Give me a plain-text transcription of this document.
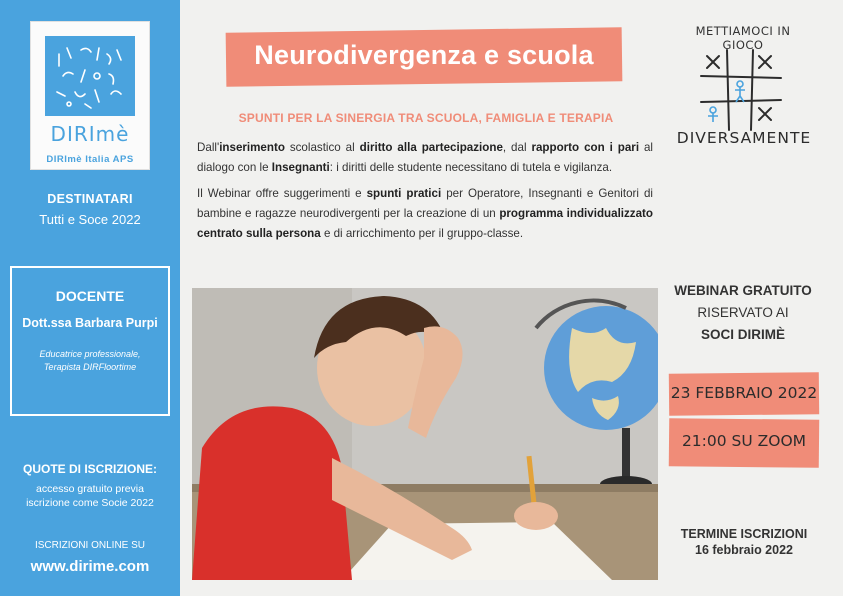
DIRImè
DIRImè Italia APS
DESTINATARI
Tutti e Soce 2022
DOCENTE
Dott.ssa Barbara Purpi
Educatrice professionale,
Terapista DIRFloortime
QUOTE DI ISCRIZIONE:
accesso gratuito previa
iscrizione come Socie 2022
ISCRIZIONI ONLINE SU
www.dirime.com
Neurodivergenza e scuola
SPUNTI PER LA SINERGIA TRA SCUOLA, FAMIGLIA E TERAPIA

Dall'inserimento scolastico al diritto alla partecipazione, dal rapporto con i pari al dialogo con le Insegnanti: i diritti delle studente necessitano di tutela e vigilanza.

Il Webinar offre suggerimenti e spunti pratici per Operatore, Insegnanti e Genitori di bambine e ragazze neurodivergenti per la creazione di un programma individualizzato centrato sulla persona e di arricchimento per il gruppo-classe.

METTIAMOCI IN GIOCO
DIVERSAMENTE
WEBINAR GRATUITO
RISERVATO AI
SOCI DIRIMÈ
23 FEBBRAIO 2022
21:00 SU ZOOM
TERMINE ISCRIZIONI
16 febbraio 2022
